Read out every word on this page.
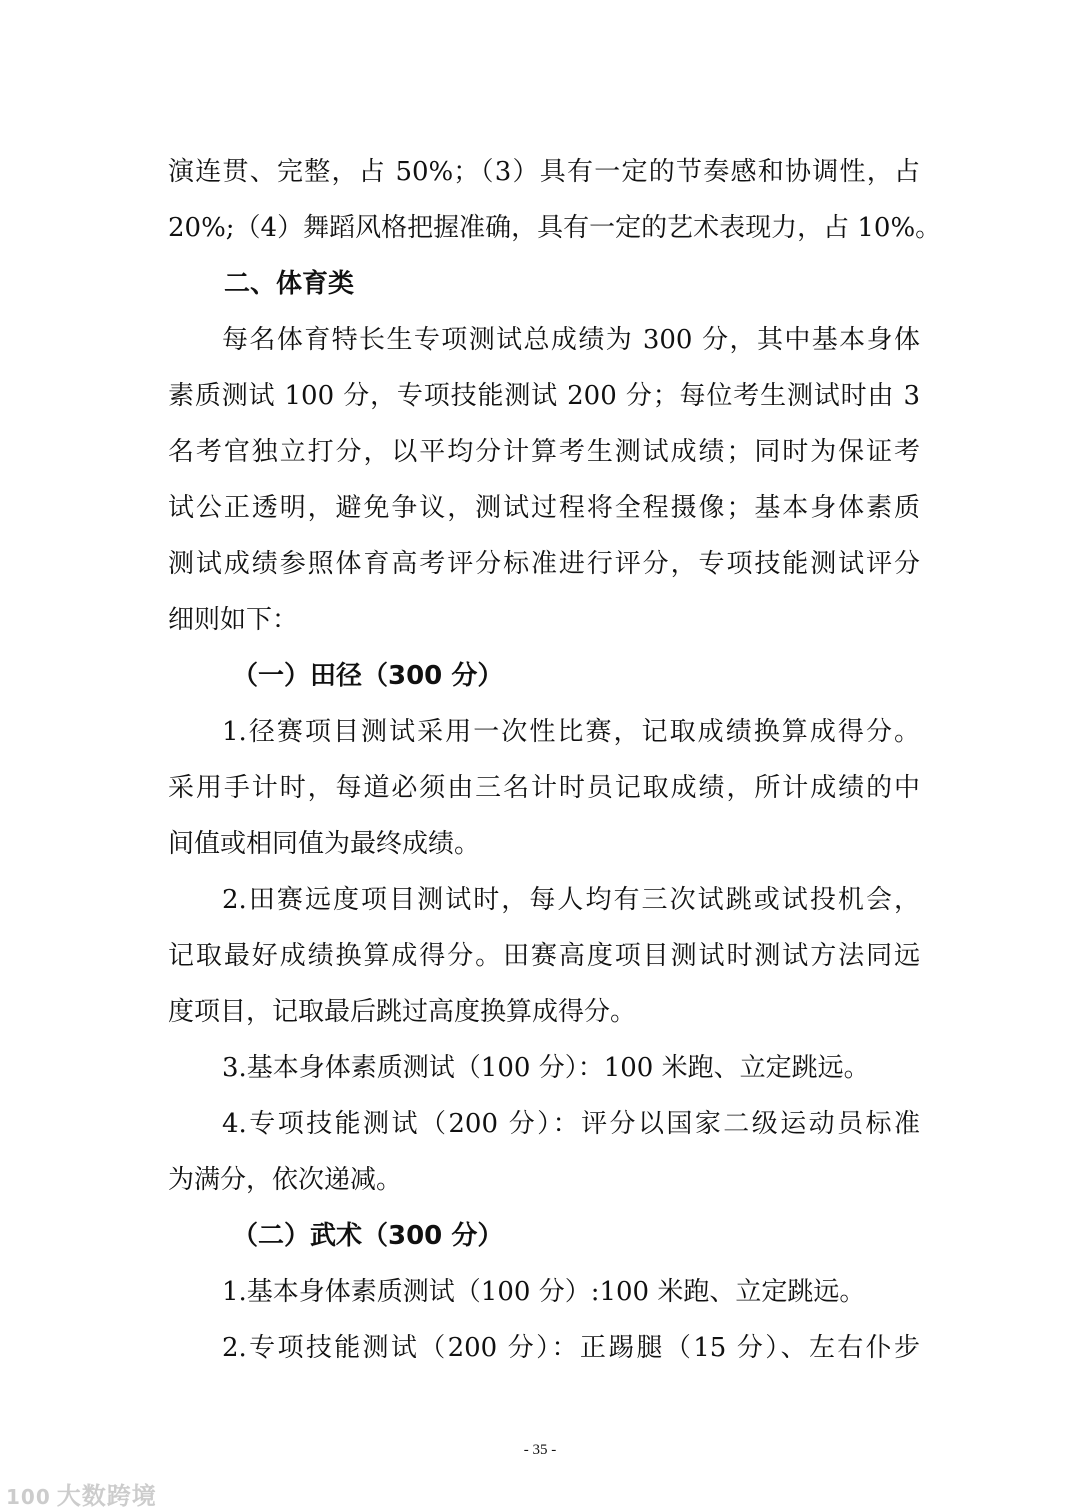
演连贯、完整，占 50%；（3）具有一定的节奏感和协调性，占
20%;（4）舞蹈风格把握准确，具有一定的艺术表现力，占 10%。
二、体育类
每名体育特长生专项测试总成绩为 300 分，其中基本身体
素质测试 100 分，专项技能测试 200 分；每位考生测试时由 3
名考官独立打分，以平均分计算考生测试成绩；同时为保证考
试公正透明，避免争议，测试过程将全程摄像；基本身体素质
测试成绩参照体育高考评分标准进行评分，专项技能测试评分
细则如下：
（一）田径（300 分）
1.径赛项目测试采用一次性比赛，记取成绩换算成得分。
采用手计时，每道必须由三名计时员记取成绩，所计成绩的中
间值或相同值为最终成绩。
2.田赛远度项目测试时，每人均有三次试跳或试投机会，
记取最好成绩换算成得分。田赛高度项目测试时测试方法同远
度项目，记取最后跳过高度换算成得分。
3.基本身体素质测试（100 分）：100 米跑、立定跳远。
4.专项技能测试（200 分）：评分以国家二级运动员标准
为满分，依次递减。
（二）武术（300 分）
1.基本身体素质测试（100 分）:100 米跑、立定跳远。
2.专项技能测试（200 分）：正踢腿（15 分）、左右仆步
- 35 -
100 大数跨境
